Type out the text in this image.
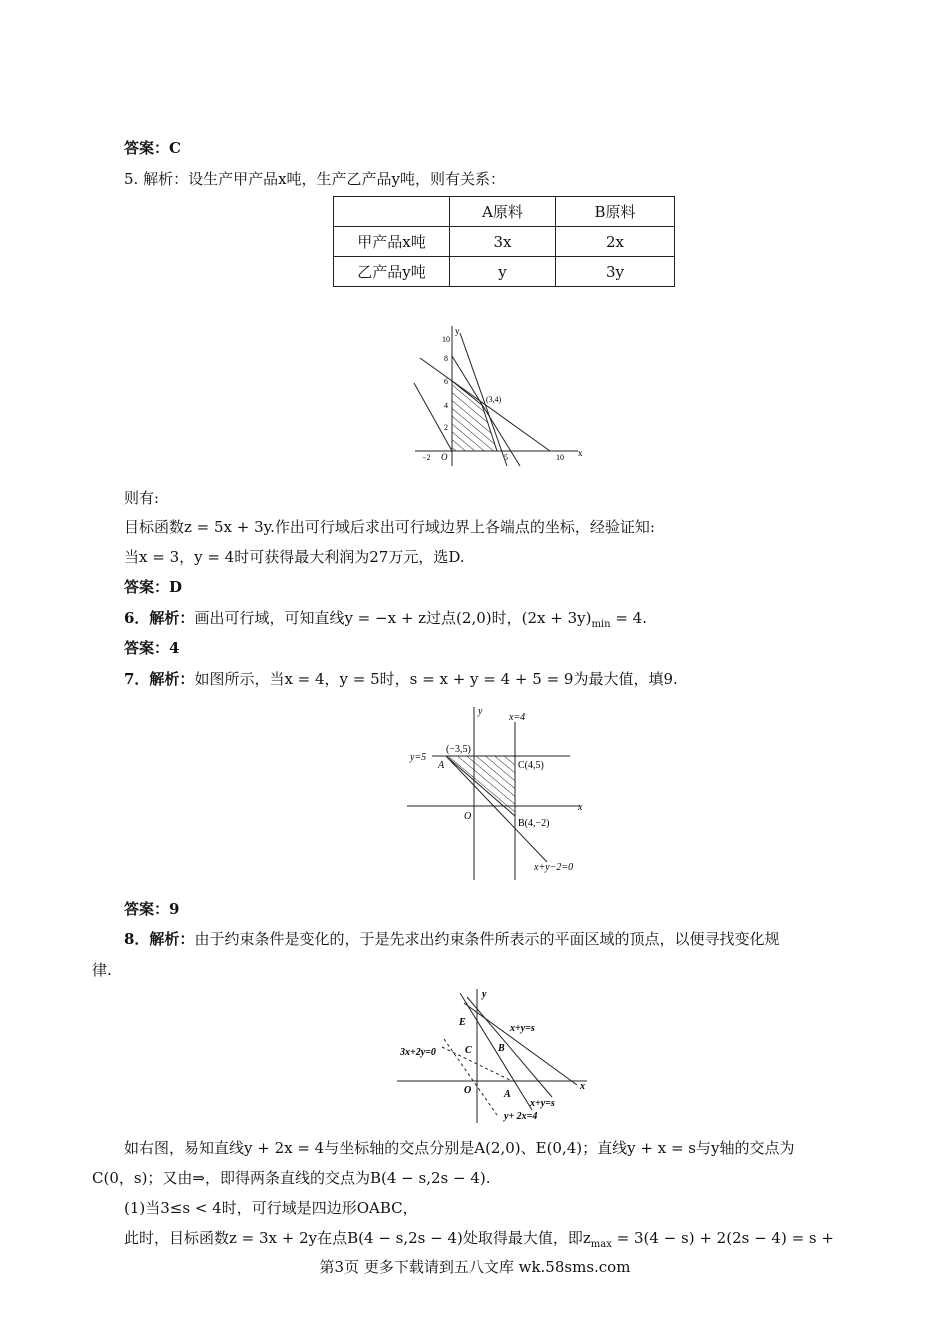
答案：C
5. 解析：设生产甲产品x吨，生产乙产品y吨，则有关系：
	A原料	B原料
甲产品x吨	3x	2x
乙产品y吨	y	3y
y
x
10
8
6
4
2
−2	5	10
O
(3,4)
则有:
目标函数z = 5x + 3y.作出可行域后求出可行域边界上各端点的坐标，经验证知:
当x = 3，y = 4时可获得最大利润为27万元，选D.
答案：D
6．解析：画出可行域，可知直线y = −x + z过点(2,0)时，$(2x + 3y)_{min} = 4$.
答案：4
7．解析：如图所示，当x = 4，y = 5时，s = x + y = 4 + 5 = 9为最大值，填9.
y
x
x=4
y=5
(−3,5)
A	C(4,5)
B(4,−2)
O
x+y−2=0
答案：9
8．解析：由于约束条件是变化的，于是先求出约束条件所表示的平面区域的顶点，以便寻找变化规
律.
y
x
E
C	B
A
O
x+y=s
3x+2y=0
x+y=s
y+ 2x=4
如右图，易知直线y + 2x = 4与坐标轴的交点分别是A(2,0)、E(0,4)；直线y + x = s与y轴的交点为
C(0，s)；又由⇒，即得两条直线的交点为B(4 − s,2s − 4).
(1)当3≤s < 4时，可行域是四边形OABC，
此时，目标函数z = 3x + 2y在点B(4 − s,2s − 4)处取得最大值，即$z_{max} = 3(4 - s) + 2(2s - 4) = s$ +
第3页 更多下载请到五八文库 wk.58sms.com
